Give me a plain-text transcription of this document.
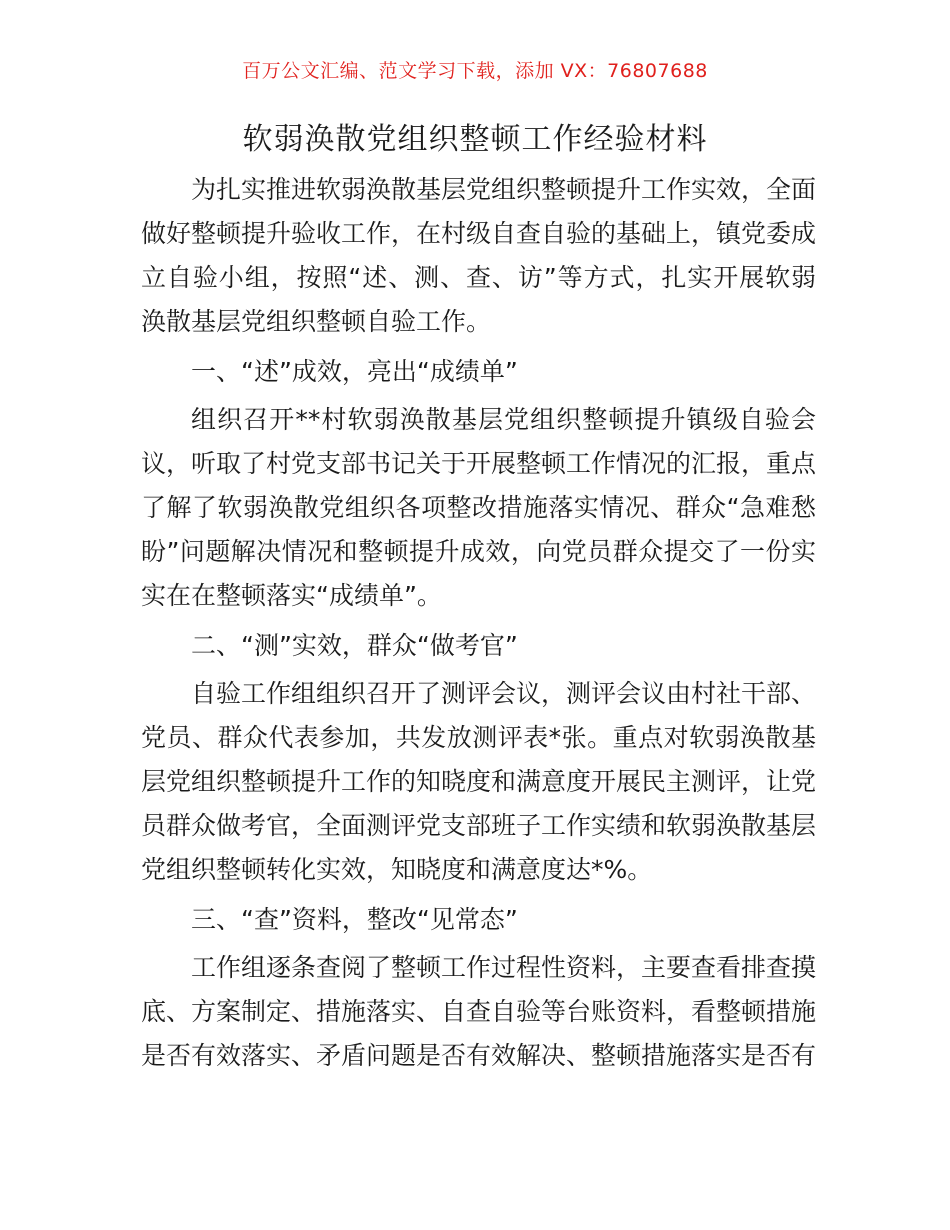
百万公文汇编、范文学习下载，添加 VX：76807688
软弱涣散党组织整顿工作经验材料

为扎实推进软弱涣散基层党组织整顿提升工作实效，全面做好整顿提升验收工作，在村级自查自验的基础上，镇党委成立自验小组，按照“述、测、查、访”等方式，扎实开展软弱涣散基层党组织整顿自验工作。

一、“述”成效，亮出“成绩单”

组织召开**村软弱涣散基层党组织整顿提升镇级自验会议，听取了村党支部书记关于开展整顿工作情况的汇报，重点了解了软弱涣散党组织各项整改措施落实情况、群众“急难愁盼”问题解决情况和整顿提升成效，向党员群众提交了一份实实在在整顿落实“成绩单”。

二、“测”实效，群众“做考官”

自验工作组组织召开了测评会议，测评会议由村社干部、党员、群众代表参加，共发放测评表*张。重点对软弱涣散基层党组织整顿提升工作的知晓度和满意度开展民主测评，让党员群众做考官，全面测评党支部班子工作实绩和软弱涣散基层党组织整顿转化实效，知晓度和满意度达*%。

三、“查”资料，整改“见常态”

工作组逐条查阅了整顿工作过程性资料，主要查看排查摸底、方案制定、措施落实、自查自验等台账资料，看整顿措施是否有效落实、矛盾问题是否有效解决、整顿措施落实是否有
